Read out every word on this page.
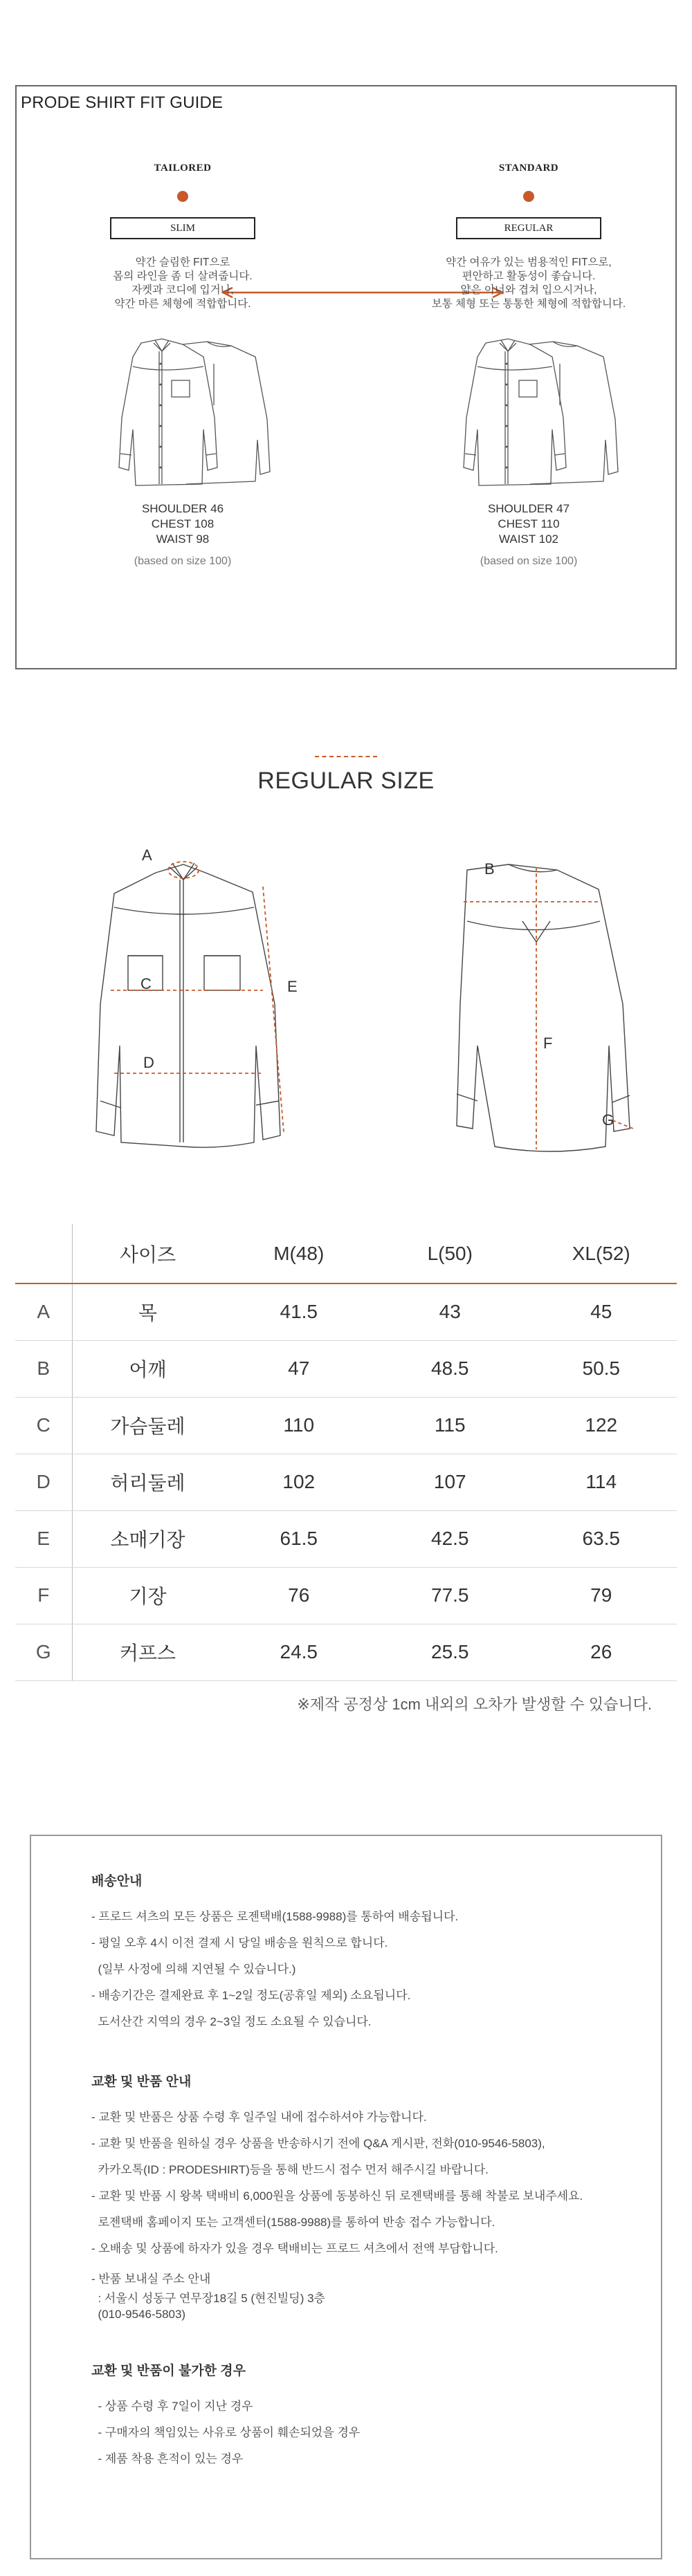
PRODE SHIRT FIT GUIDE
TAILORED
SLIM
약간 슬림한 FIT으로
몸의 라인을 좀 더 살려줍니다.
자켓과 코디에 입거나,
약간 마른 체형에 적합합니다.
SHOULDER 46
CHEST 108
WAIST 98
(based on size 100)
STANDARD
REGULAR
약간 여유가 있는 범용적인 FIT으로,
편안하고 활동성이 좋습니다.
얇은 이너와 겹쳐 입으시거나,
보통 체형 또는 통통한 체형에 적합합니다.
SHOULDER 47
CHEST 110
WAIST 102
(based on size 100)
REGULAR SIZE
A
B
C
D
E
F
G
	사이즈	M(48)	L(50)	XL(52)
A	목	41.5	43	45
B	어깨	47	48.5	50.5
C	가슴둘레	110	115	122
D	허리둘레	102	107	114
E	소매기장	61.5	42.5	63.5
F	기장	76	77.5	79
G	커프스	24.5	25.5	26
※제작 공정상 1cm 내외의 오차가 발생할 수 있습니다.
배송안내
- 프로드 셔츠의 모든 상품은 로젠택배(1588-9988)를 통하여 배송됩니다.
- 평일 오후 4시 이전 결제 시 당일 배송을 원칙으로 합니다.
(일부 사정에 의해 지연될 수 있습니다.)
- 배송기간은 결제완료 후 1~2일 정도(공휴일 제외) 소요됩니다.
도서산간 지역의 경우 2~3일 정도 소요될 수 있습니다.
교환 및 반품 안내
- 교환 및 반품은 상품 수령 후 일주일 내에 접수하셔야 가능합니다.
- 교환 및 반품을 원하실 경우 상품을 반송하시기 전에 Q&A 게시판, 전화(010-9546-5803),
카카오톡(ID : PRODESHIRT)등을 통해 반드시 접수 먼저 해주시길 바랍니다.
- 교환 및 반품 시 왕복 택배비 6,000원을 상품에 동봉하신 뒤 로젠택배를 통해 착불로 보내주세요.
로젠택배 홈페이지 또는 고객센터(1588-9988)를 통하여 반송 접수 가능합니다.
- 오배송 및 상품에 하자가 있을 경우 택배비는 프로드 셔츠에서 전액 부담합니다.
- 반품 보내실 주소 안내
: 서울시 성동구 연무장18길 5 (현진빌딩) 3층
(010-9546-5803)
교환 및 반품이 불가한 경우
- 상품 수령 후 7일이 지난 경우
- 구매자의 책임있는 사유로 상품이 훼손되었을 경우
- 제품 착용 흔적이 있는 경우
